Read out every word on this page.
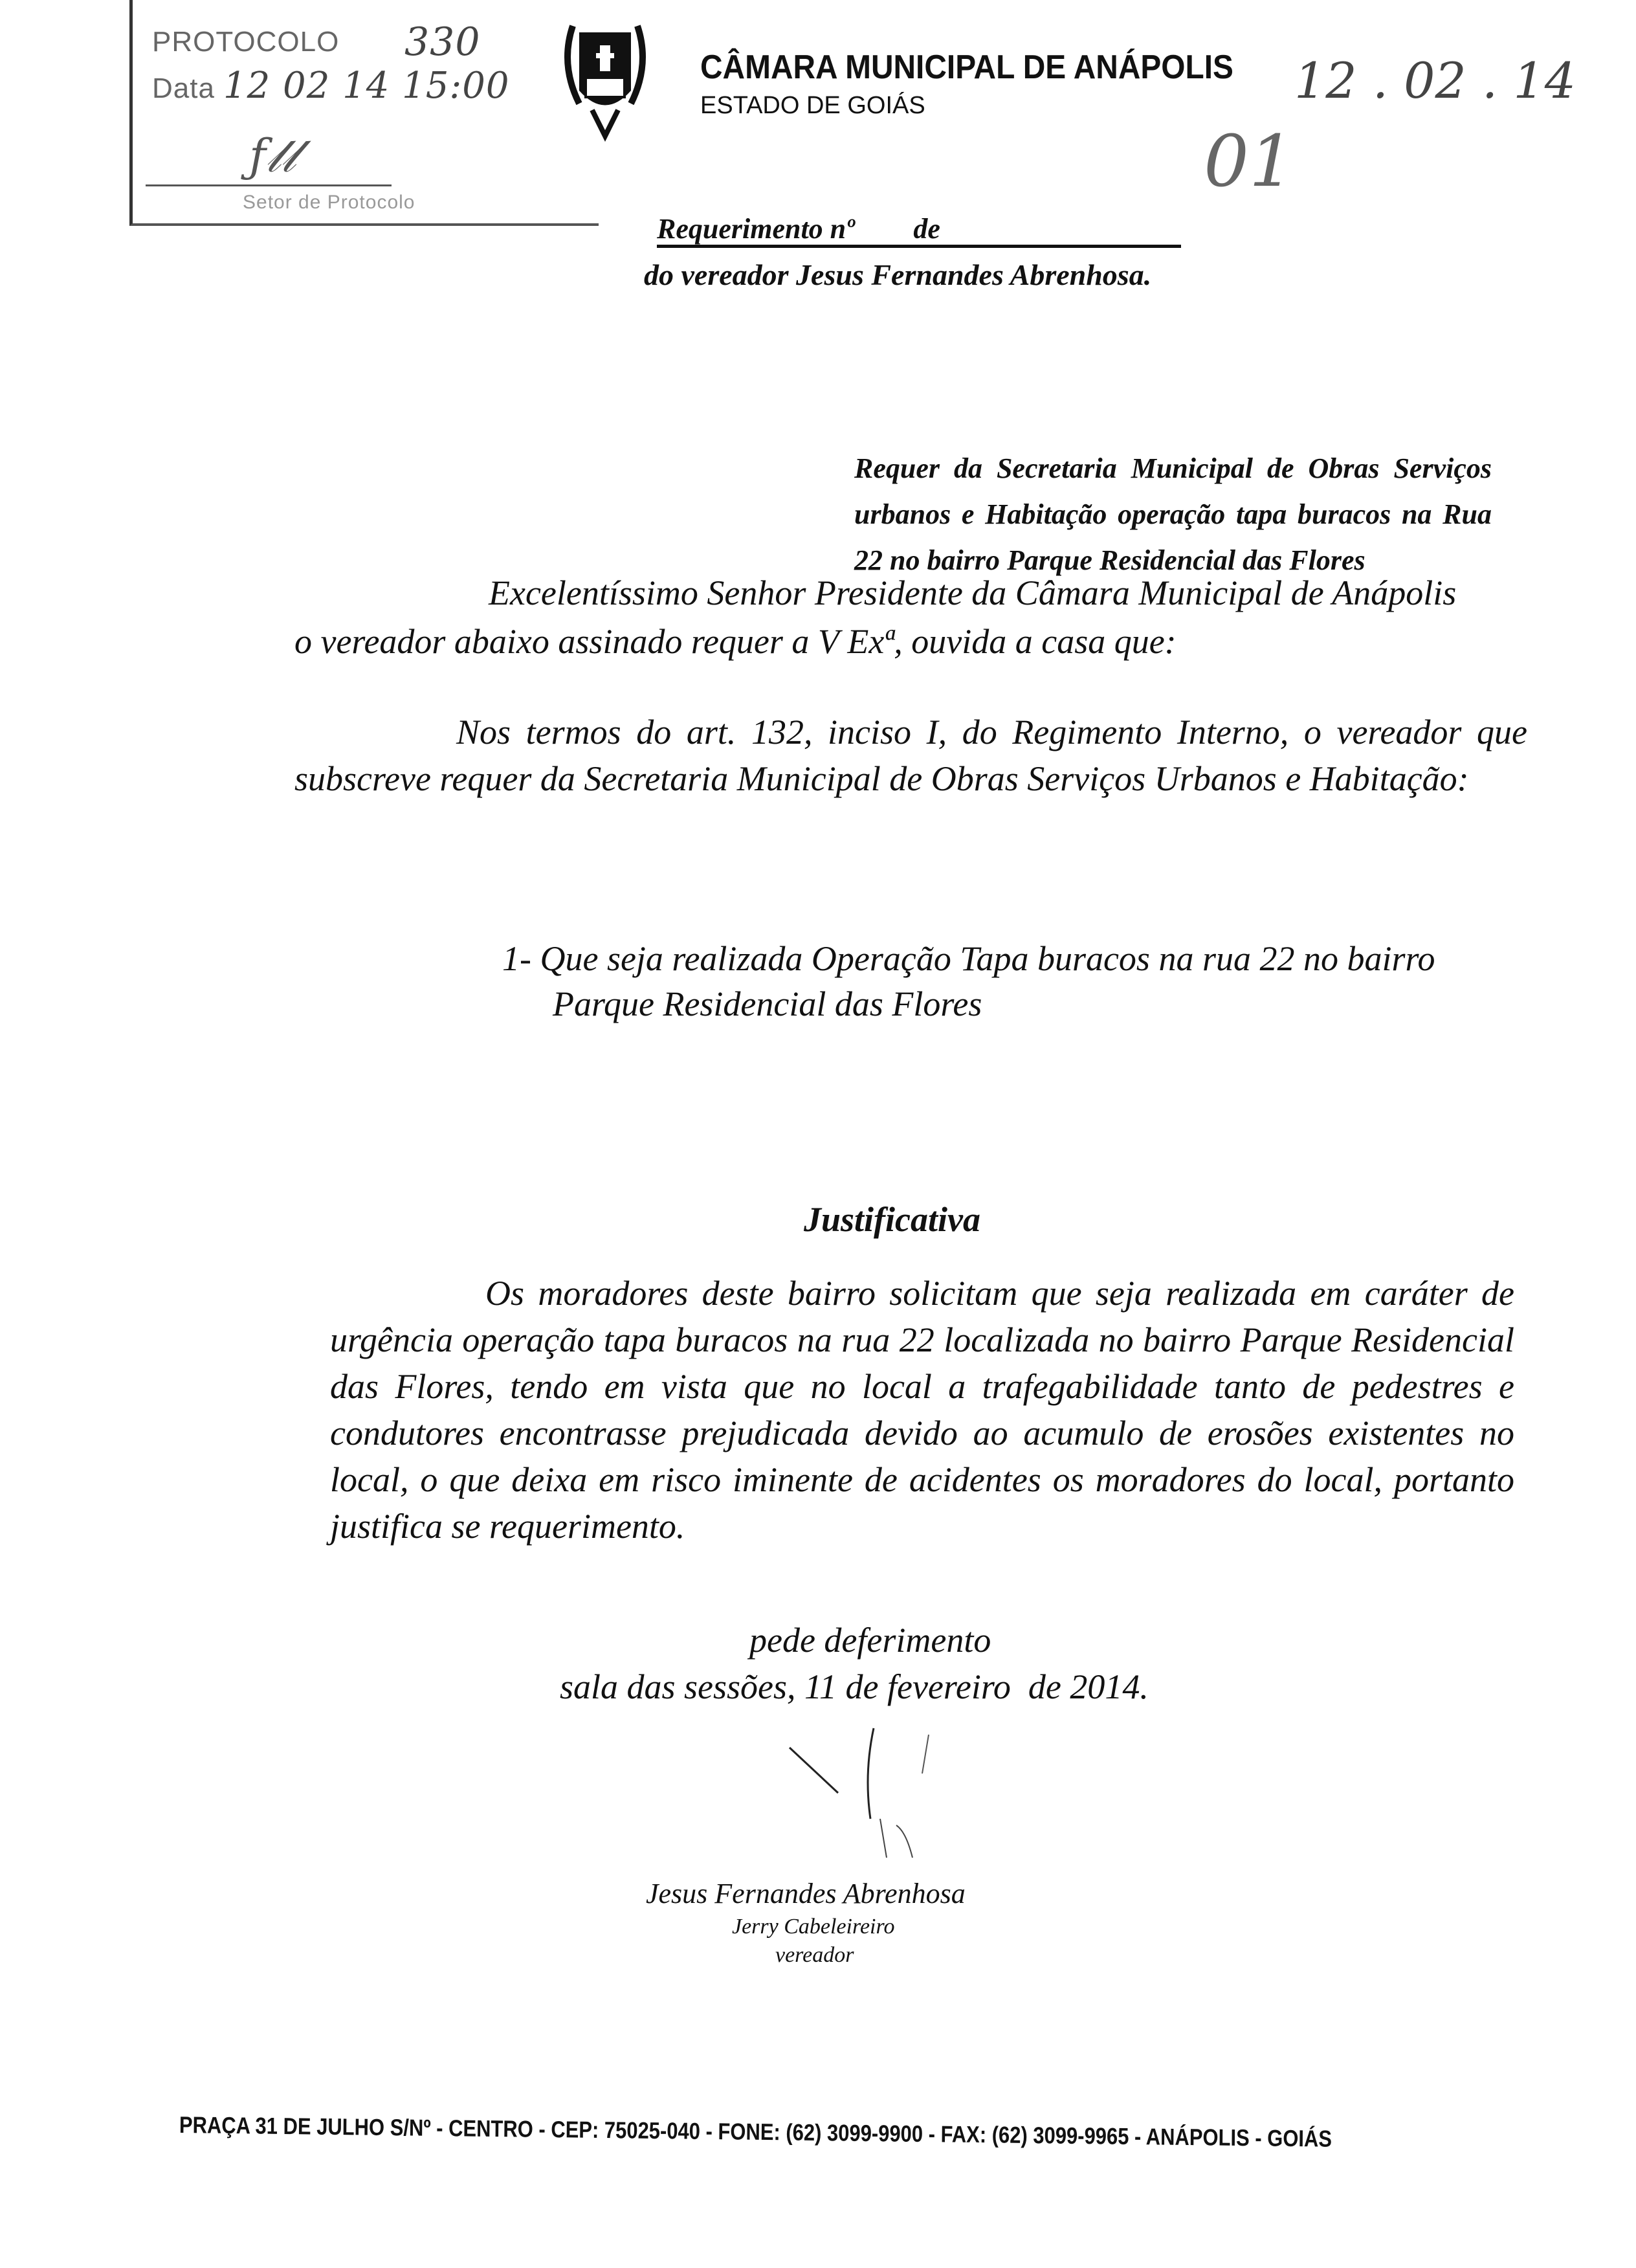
PROTOCOLO 330
Data 12 02 14 15:00
ƒ𝓁𝓁
Setor de Protocolo
CÂMARA MUNICIPAL DE ANÁPOLIS
ESTADO DE GOIÁS	12 . 02 . 14
01
Requerimento nº de
do vereador Jesus Fernandes Abrenhosa.
Requer da Secretaria Municipal de Obras Serviços urbanos e Habitação operação tapa buracos na Rua 22 no bairro Parque Residencial das Flores
Excelentíssimo Senhor Presidente da Câmara Municipal de Anápolis
o vereador abaixo assinado requer a V Exª, ouvida a casa que:
Nos termos do art. 132, inciso I, do Regimento Interno, o vereador que subscreve requer da Secretaria Municipal de Obras Serviços Urbanos e Habitação:
1- Que seja realizada Operação Tapa buracos na rua 22 no bairro
Parque Residencial das Flores
Justificativa
Os moradores deste bairro solicitam que seja realizada em caráter de urgência operação tapa buracos na rua 22 localizada no bairro Parque Residencial das Flores, tendo em vista que no local a trafegabilidade tanto de pedestres e condutores encontrasse prejudicada devido ao acumulo de erosões existentes no local, o que deixa em risco iminente de acidentes os moradores do local, portanto justifica se requerimento.
pede deferimento
sala das sessões, 11 de fevereiro  de 2014.
Jesus Fernandes Abrenhosa
Jerry Cabeleireiro
vereador
PRAÇA 31 DE JULHO S/Nº - CENTRO - CEP: 75025-040 - FONE: (62) 3099-9900 - FAX: (62) 3099-9965 - ANÁPOLIS - GOIÁS
